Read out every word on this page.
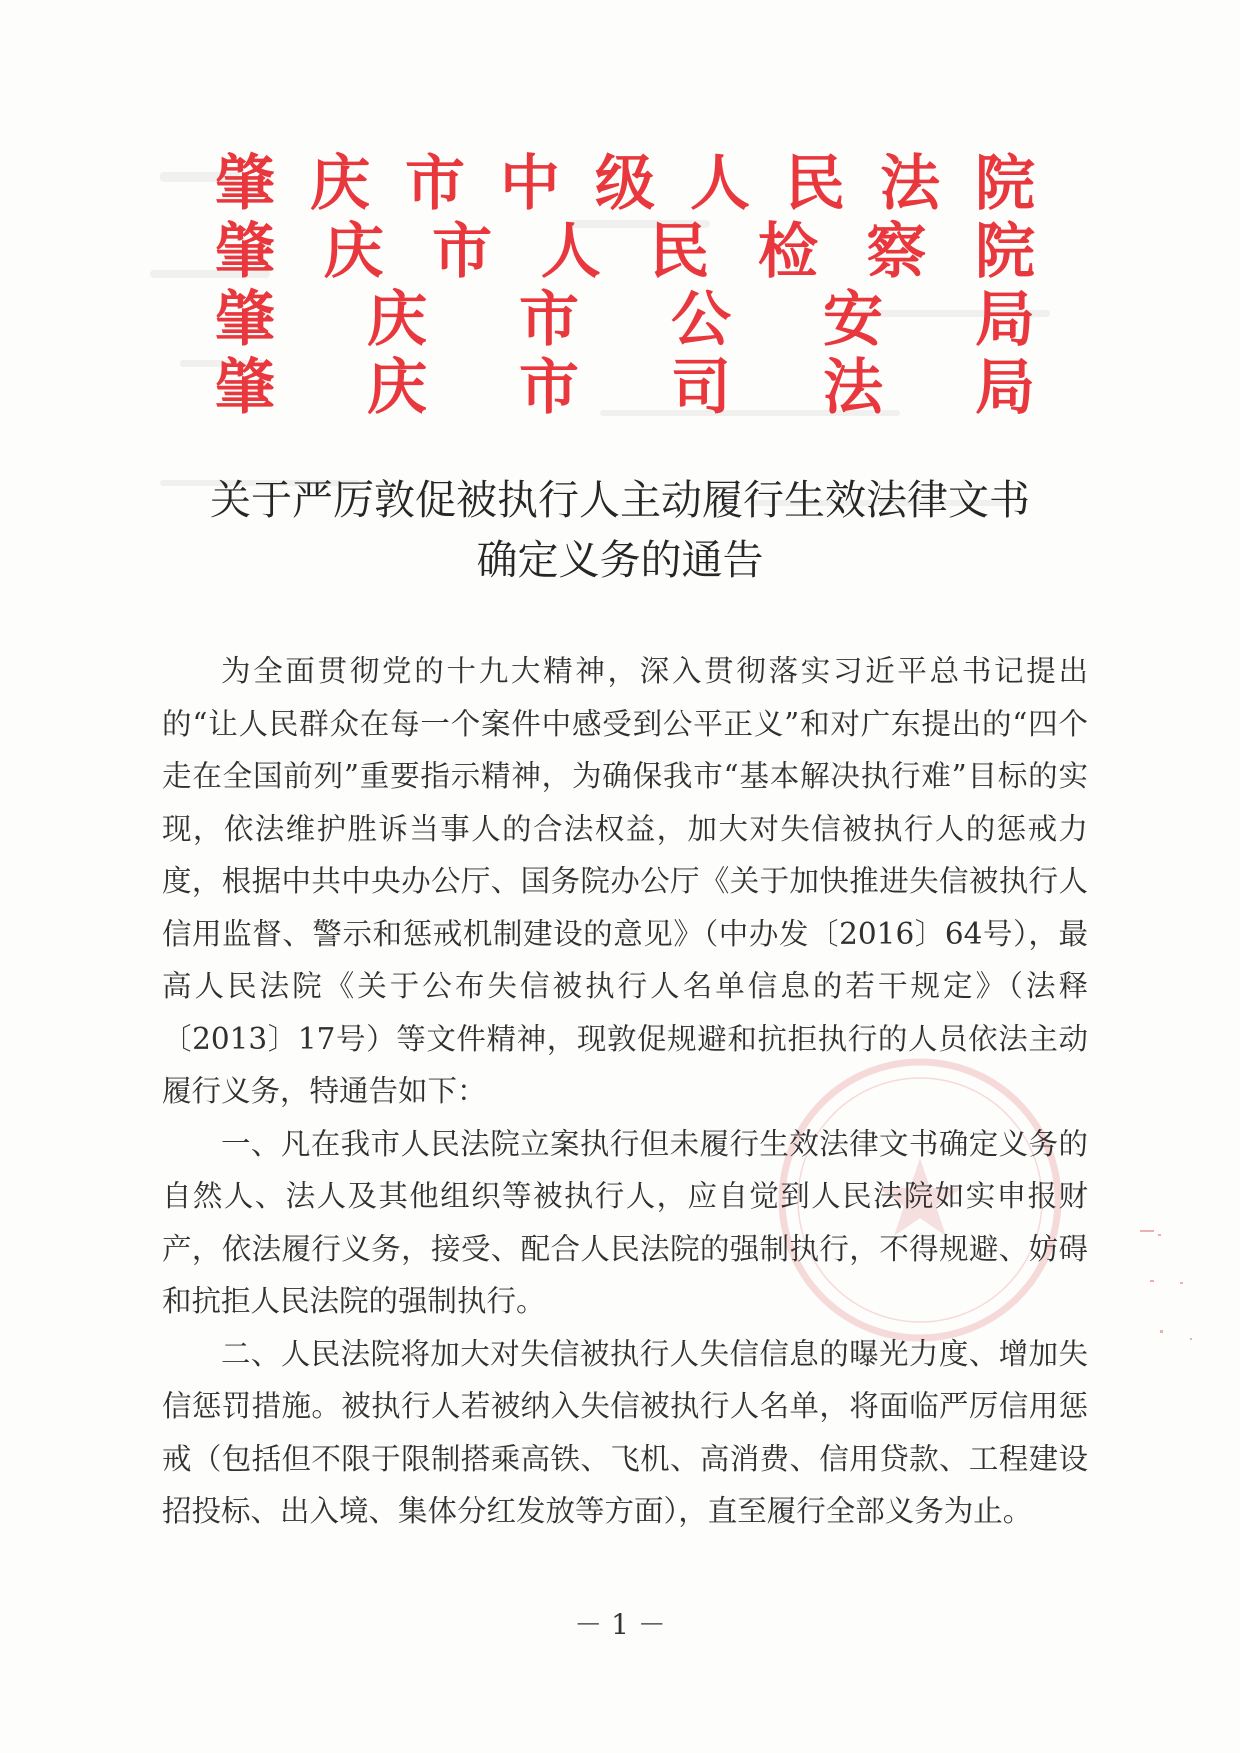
肇 庆 市 中 级 人 民 法 院
肇 庆 市 人 民 检 察 院
肇 庆 市 公 安 局
肇 庆 市 司 法 局
关于严厉敦促被执行人主动履行生效法律文书
确定义务的通告

为全面贯彻党的十九大精神，深入贯彻落实习近平总书记提出的“让人民群众在每一个案件中感受到公平正义”和对广东提出的“四个走在全国前列”重要指示精神，为确保我市“基本解决执行难”目标的实现，依法维护胜诉当事人的合法权益，加大对失信被执行人的惩戒力度，根据中共中央办公厅、国务院办公厅《关于加快推进失信被执行人信用监督、警示和惩戒机制建设的意见》（中办发〔2016〕64号），最高人民法院《关于公布失信被执行人名单信息的若干规定》（法释〔2013〕17号）等文件精神，现敦促规避和抗拒执行的人员依法主动履行义务，特通告如下：

一、凡在我市人民法院立案执行但未履行生效法律文书确定义务的自然人、法人及其他组织等被执行人，应自觉到人民法院如实申报财产，依法履行义务，接受、配合人民法院的强制执行，不得规避、妨碍和抗拒人民法院的强制执行。

二、人民法院将加大对失信被执行人失信信息的曝光力度、增加失信惩罚措施。被执行人若被纳入失信被执行人名单，将面临严厉信用惩戒（包括但不限于限制搭乘高铁、飞机、高消费、信用贷款、工程建设招投标、出入境、集体分红发放等方面），直至履行全部义务为止。

－ 1 －
